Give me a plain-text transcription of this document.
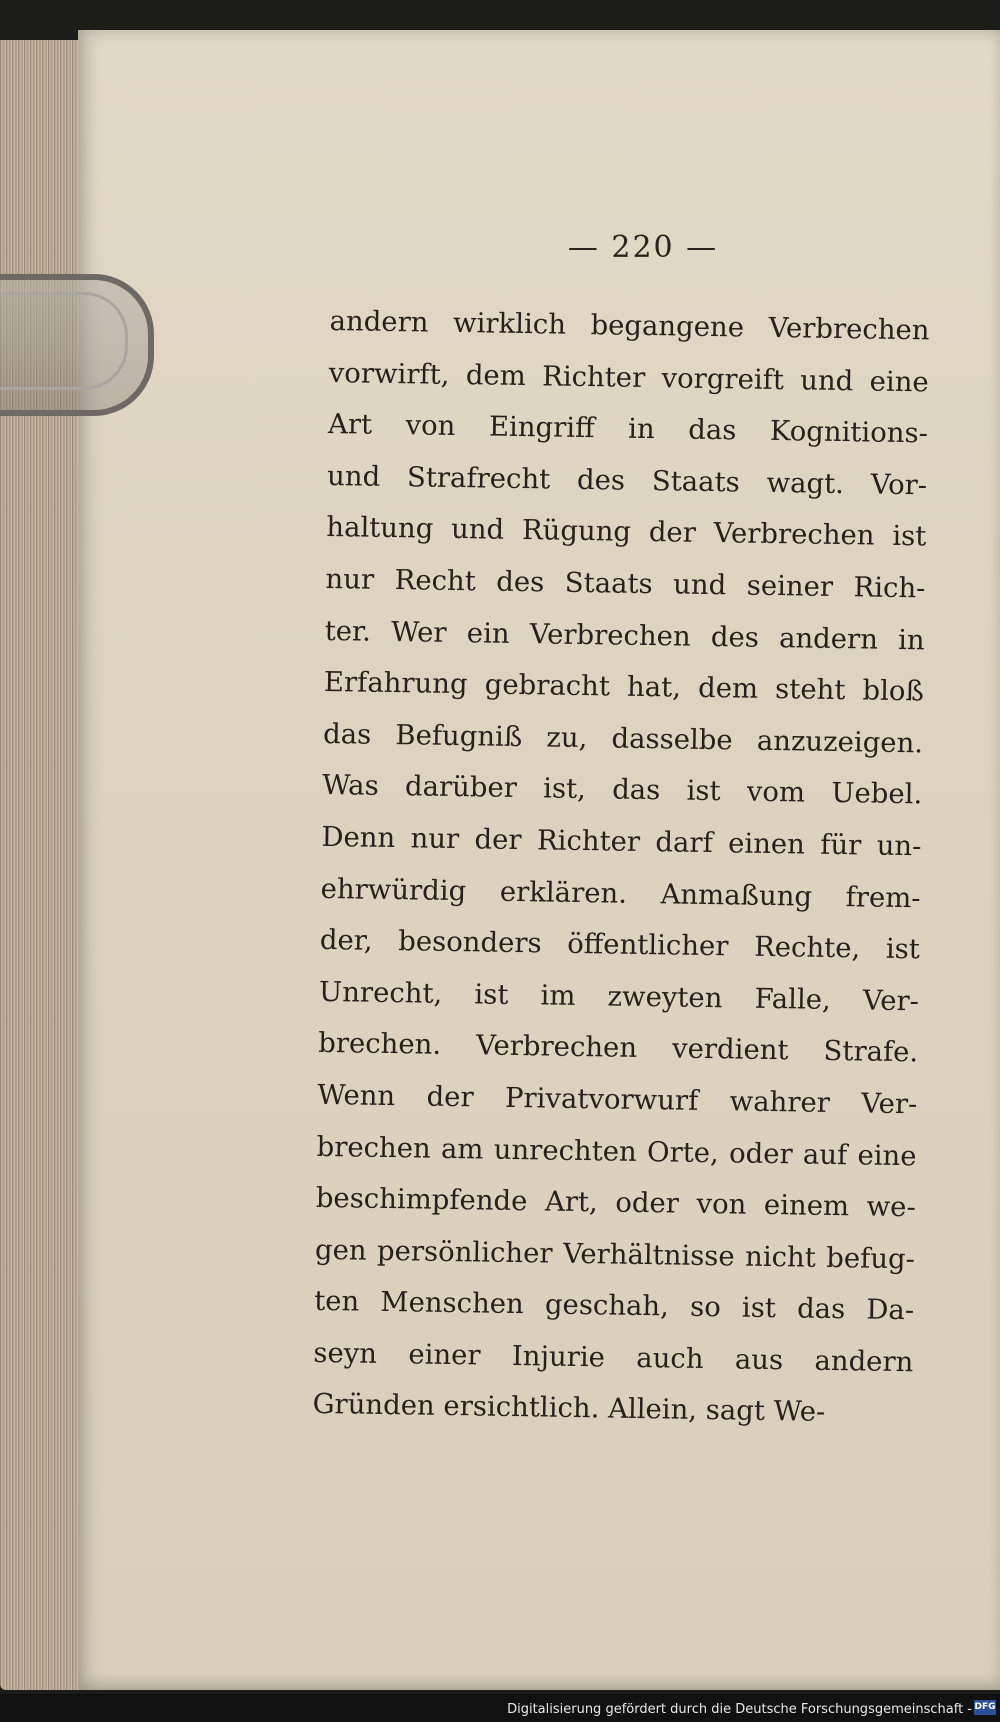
— 220 —
andern wirklich begangene Verbrechen
vorwirft, dem Richter vorgreift und eine
Art von Eingriff in das Kognitions-
und Strafrecht des Staats wagt. Vor-
haltung und Rügung der Verbrechen ist
nur Recht des Staats und seiner Rich-
ter. Wer ein Verbrechen des andern in
Erfahrung gebracht hat, dem steht bloß
das Befugniß zu, dasselbe anzuzeigen.
Was darüber ist, das ist vom Uebel.
Denn nur der Richter darf einen für un-
ehrwürdig erklären. Anmaßung frem-
der, besonders öffentlicher Rechte, ist
Unrecht, ist im zweyten Falle, Ver-
brechen. Verbrechen verdient Strafe.
Wenn der Privatvorwurf wahrer Ver-
brechen am unrechten Orte, oder auf eine
beschimpfende Art, oder von einem we-
gen persönlicher Verhältnisse nicht befug-
ten Menschen geschah, so ist das Da-
seyn einer Injurie auch aus andern
Gründen ersichtlich. Allein, sagt We-
Digitalisierung gefördert durch die Deutsche Forschungsgemeinschaft - DFG
